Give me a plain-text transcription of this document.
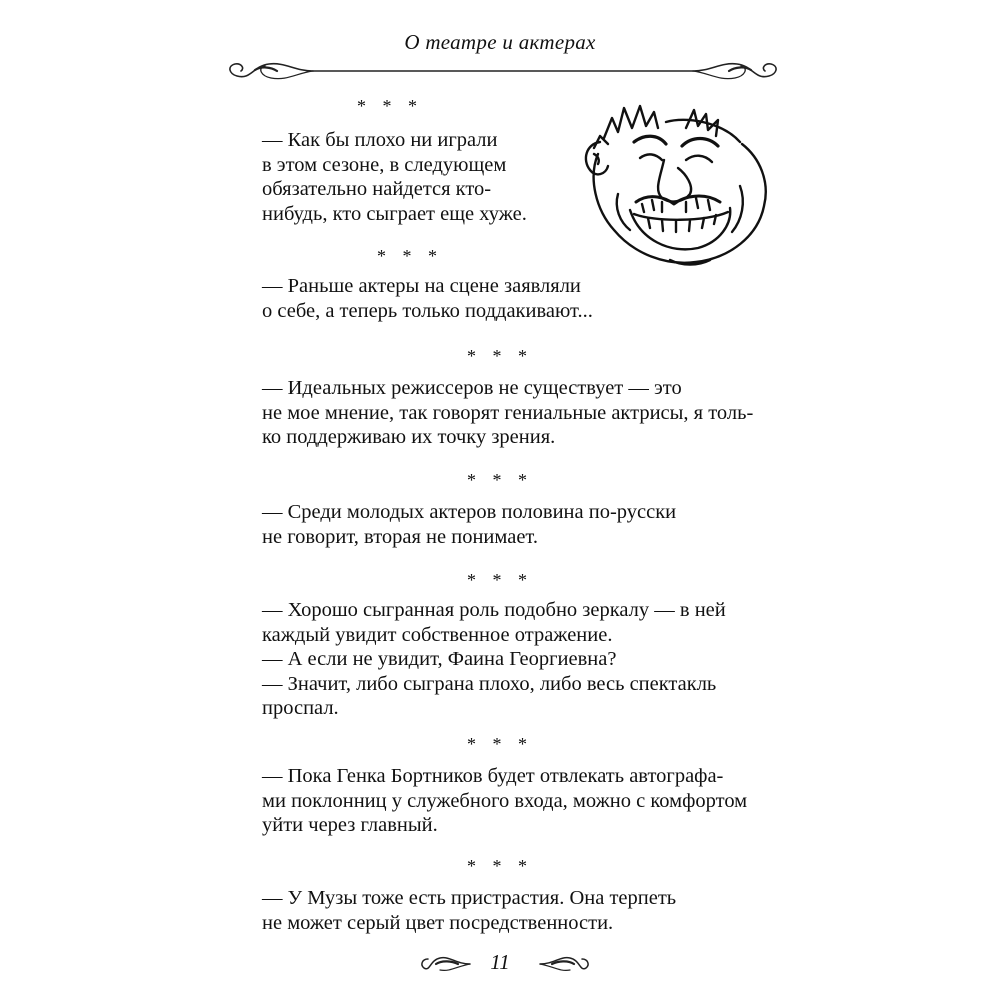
О театре и актерах
* * *
— Как бы плохо ни играли
в этом сезоне, в следующем
обязательно найдется кто-
нибудь, кто сыграет еще хуже.
* * *
— Раньше актеры на сцене заявляли
о себе, а теперь только поддакивают...
* * *
— Идеальных режиссеров не существует — это
не мое мнение, так говорят гениальные актрисы, я толь-
ко поддерживаю их точку зрения.
* * *
— Среди молодых актеров половина по-русски
не говорит, вторая не понимает.
* * *
— Хорошо сыгранная роль подобно зеркалу — в ней
каждый увидит собственное отражение.
— А если не увидит, Фаина Георгиевна?
— Значит, либо сыграна плохо, либо весь спектакль
проспал.
* * *
— Пока Генка Бортников будет отвлекать автографа-
ми поклонниц у служебного входа, можно с комфортом
уйти через главный.
* * *
— У Музы тоже есть пристрастия. Она терпеть
не может серый цвет посредственности.
11
